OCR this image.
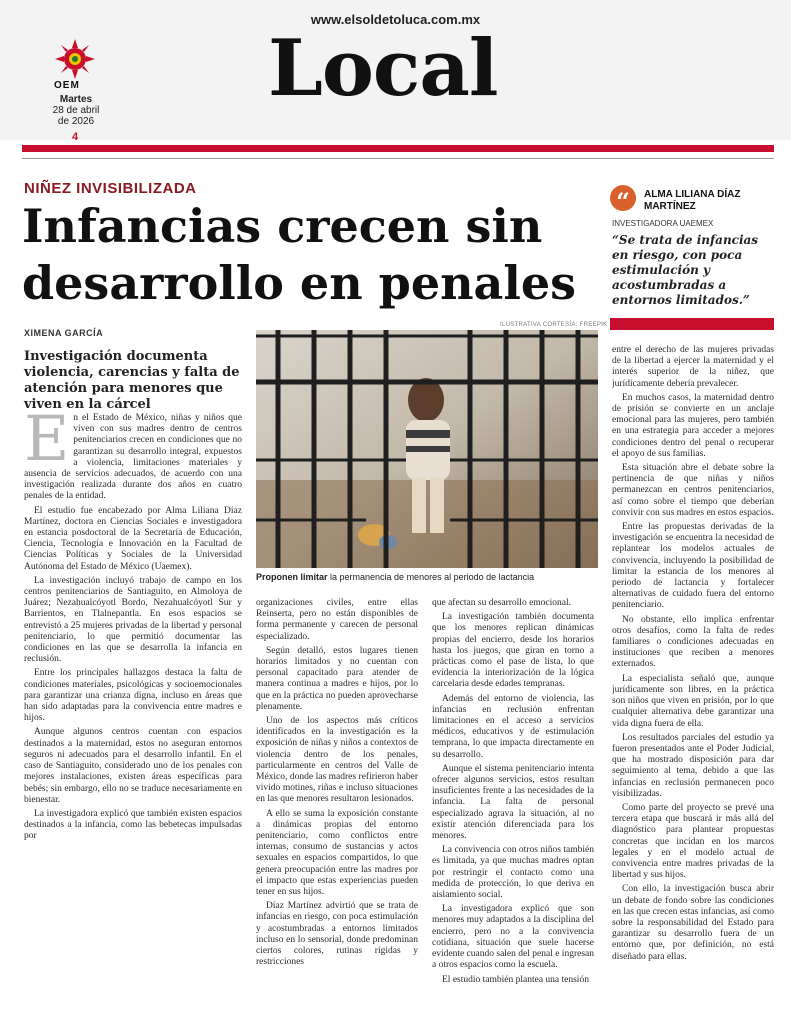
www.elsoldetoluca.com.mx
OEM
Martes
28 de abril
de 2026
4
Local
NIÑEZ INVISIBILIZADA
Infancias crecen sin desarrollo en penales
XIMENA GARCÍA
ILUSTRATIVA CORTESÍA: FREEPIK
“	ALMA LILIANA DÍAZ MARTÍNEZ
INVESTIGADORA UAEMEX
“Se trata de infancias en riesgo, con poca estimulación y acostumbradas a entornos limitados.”
Investigación documenta violencia, carencias y falta de atención para menores que viven en la cárcel
Proponen limitar la permanencia de menores al periodo de lactancia

En el Estado de México, niñas y niños que viven con sus madres dentro de centros penitenciarios crecen en condiciones que no garantizan su desarrollo integral, expuestos a violencia, limitaciones materiales y ausencia de servicios adecuados, de acuerdo con una investigación realizada durante dos años en cuatro penales de la entidad.

El estudio fue encabezado por Alma Liliana Díaz Martínez, doctora en Ciencias Sociales e investigadora en estancia posdoctoral de la Secretaría de Educación, Ciencia, Tecnología e Innovación en la Facultad de Ciencias Políticas y Sociales de la Universidad Autónoma del Estado de México (Uaemex).

La investigación incluyó trabajo de campo en los centros penitenciarios de Santiaguito, en Almoloya de Juárez; Nezahualcóyotl Bordo, Nezahualcóyotl Sur y Barrientos, en Tlalnepantla. En esos espacios se entrevistó a 25 mujeres privadas de la libertad y personal penitenciario, lo que permitió documentar las condiciones en las que se desarrolla la infancia en reclusión.

Entre los principales hallazgos destaca la falta de condiciones materiales, psicológicas y socioemocionales para garantizar una crianza digna, incluso en áreas que han sido adaptadas para la convivencia entre madres e hijos.

Aunque algunos centros cuentan con espacios destinados a la maternidad, estos no aseguran entornos seguros ni adecuados para el desarrollo infantil. En el caso de Santiaguito, considerado uno de los penales con mejores instalaciones, existen áreas específicas para bebés; sin embargo, ello no se traduce necesariamente en bienestar.

La investigadora explicó que también existen espacios destinados a la infancia, como las bebetecas impulsadas por

organizaciones civiles, entre ellas Reinserta, pero no están disponibles de forma permanente y carecen de personal especializado.

Según detalló, estos lugares tienen horarios limitados y no cuentan con personal capacitado para atender de manera continua a madres e hijos, por lo que en la práctica no pueden aprovecharse plenamente.

Uno de los aspectos más críticos identificados en la investigación es la exposición de niñas y niños a contextos de violencia dentro de los penales, particularmente en centros del Valle de México, donde las madres refirieron haber vivido motines, riñas e incluso situaciones en las que menores resultaron lesionados.

A ello se suma la exposición constante a dinámicas propias del entorno penitenciario, como conflictos entre internas, consumo de sustancias y actos sexuales en espacios compartidos, lo que genera preocupación entre las madres por el impacto que estas experiencias pueden tener en sus hijos.

Díaz Martínez advirtió que se trata de infancias en riesgo, con poca estimulación y acostumbradas a entornos limitados incluso en lo sensorial, donde predominan ciertos colores, rutinas rígidas y restricciones

que afectan su desarrollo emocional.

La investigación también documenta que los menores replican dinámicas propias del encierro, desde los horarios hasta los juegos, que giran en torno a prácticas como el pase de lista, lo que evidencia la interiorización de la lógica carcelaria desde edades tempranas.

Además del entorno de violencia, las infancias en reclusión enfrentan limitaciones en el acceso a servicios médicos, educativos y de estimulación temprana, lo que impacta directamente en su desarrollo.

Aunque el sistema penitenciario intenta ofrecer algunos servicios, estos resultan insuficientes frente a las necesidades de la infancia. La falta de personal especializado agrava la situación, al no existir atención diferenciada para los menores.

La convivencia con otros niños también es limitada, ya que muchas madres optan por restringir el contacto como una medida de protección, lo que deriva en aislamiento social.

La investigadora explicó que son menores muy adaptados a la disciplina del encierro, pero no a la convivencia cotidiana, situación que suele hacerse evidente cuando salen del penal e ingresan a otros espacios como la escuela.

El estudio también plantea una tensión

entre el derecho de las mujeres privadas de la libertad a ejercer la maternidad y el interés superior de la niñez, que jurídicamente debería prevalecer.

En muchos casos, la maternidad dentro de prisión se convierte en un anclaje emocional para las mujeres, pero también en una estrategia para acceder a mejores condiciones dentro del penal o recuperar el apoyo de sus familias.

Esta situación abre el debate sobre la pertinencia de que niñas y niños permanezcan en centros penitenciarios, así como sobre el tiempo que deberían convivir con sus madres en estos espacios.

Entre las propuestas derivadas de la investigación se encuentra la necesidad de replantear los modelos actuales de convivencia, incluyendo la posibilidad de limitar la estancia de los menores al periodo de lactancia y fortalecer alternativas de cuidado fuera del entorno penitenciario.

No obstante, ello implica enfrentar otros desafíos, como la falta de redes familiares o condiciones adecuadas en instituciones que reciben a menores externados.

La especialista señaló que, aunque jurídicamente son libres, en la práctica son niños que viven en prisión, por lo que cualquier alternativa debe garantizar una vida digna fuera de ella.

Los resultados parciales del estudio ya fueron presentados ante el Poder Judicial, que ha mostrado disposición para dar seguimiento al tema, debido a que las infancias en reclusión permanecen poco visibilizadas.

Como parte del proyecto se prevé una tercera etapa que buscará ir más allá del diagnóstico para plantear propuestas concretas que incidan en los marcos legales y en el modelo actual de convivencia entre madres privadas de la libertad y sus hijos.

Con ello, la investigación busca abrir un debate de fondo sobre las condiciones en las que crecen estas infancias, así como sobre la responsabilidad del Estado para garantizar su desarrollo fuera de un entorno que, por definición, no está diseñado para ellas.
